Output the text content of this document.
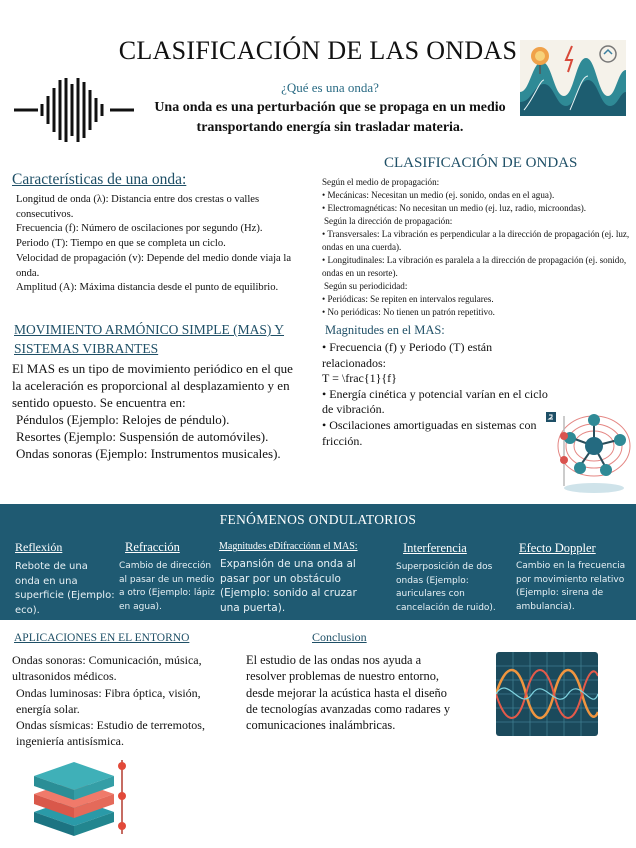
CLASIFICACIÓN DE LAS ONDAS
¿Qué es una onda?
Una onda es una perturbación que se propaga en un medio transportando energía sin trasladar materia.
Características de una onda:
Longitud de onda (λ): Distancia entre dos crestas o valles consecutivos.
Frecuencia (f): Número de oscilaciones por segundo (Hz).
Periodo (T): Tiempo en que se completa un ciclo.
Velocidad de propagación (v): Depende del medio donde viaja la onda.
Amplitud (A): Máxima distancia desde el punto de equilibrio.
CLASIFICACIÓN DE ONDAS
Según el medio de propagación:
• Mecánicas: Necesitan un medio (ej. sonido, ondas en el agua).
• Electromagnéticas: No necesitan un medio (ej. luz, radio, microondas).
Según la dirección de propagación:
• Transversales: La vibración es perpendicular a la dirección de propagación (ej. luz, ondas en una cuerda).
• Longitudinales: La vibración es paralela a la dirección de propagación (ej. sonido, ondas en un resorte).
Según su periodicidad:
• Periódicas: Se repiten en intervalos regulares.
• No periódicas: No tienen un patrón repetitivo.
MOVIMIENTO ARMÓNICO SIMPLE (MAS) Y SISTEMAS VIBRANTES
El MAS es un tipo de movimiento periódico en el que la aceleración es proporcional al desplazamiento y en sentido opuesto. Se encuentra en:
Péndulos (Ejemplo: Relojes de péndulo).
Resortes (Ejemplo: Suspensión de automóviles).
Ondas sonoras (Ejemplo: Instrumentos musicales).
Magnitudes en el MAS:
• Frecuencia (f) y Periodo (T) están relacionados:
T = \frac{1}{f}
• Energía cinética y potencial varían en el ciclo de vibración.
• Oscilaciones amortiguadas en sistemas con fricción.
FENÓMENOS ONDULATORIOS
Reflexión
Rebote de una onda en una superficie (Ejemplo: eco).
Refracción
Cambio de dirección al pasar de un medio a otro (Ejemplo: lápiz en agua).
Magnitudes eDifracciónn el MAS:
Expansión de una onda al pasar por un obstáculo (Ejemplo: sonido al cruzar una puerta).
Interferencia
Superposición de dos ondas (Ejemplo: auriculares con cancelación de ruido).
Efecto Doppler
Cambio en la frecuencia por movimiento relativo (Ejemplo: sirena de ambulancia).
APLICACIONES EN EL ENTORNO
Ondas sonoras: Comunicación, música, ultrasonidos médicos.
Ondas luminosas: Fibra óptica, visión, energía solar.
Ondas sísmicas: Estudio de terremotos, ingeniería antisísmica.
Conclusion
El estudio de las ondas nos ayuda a resolver problemas de nuestro entorno, desde mejorar la acústica hasta el diseño de tecnologías avanzadas como radares y comunicaciones inalámbricas.
